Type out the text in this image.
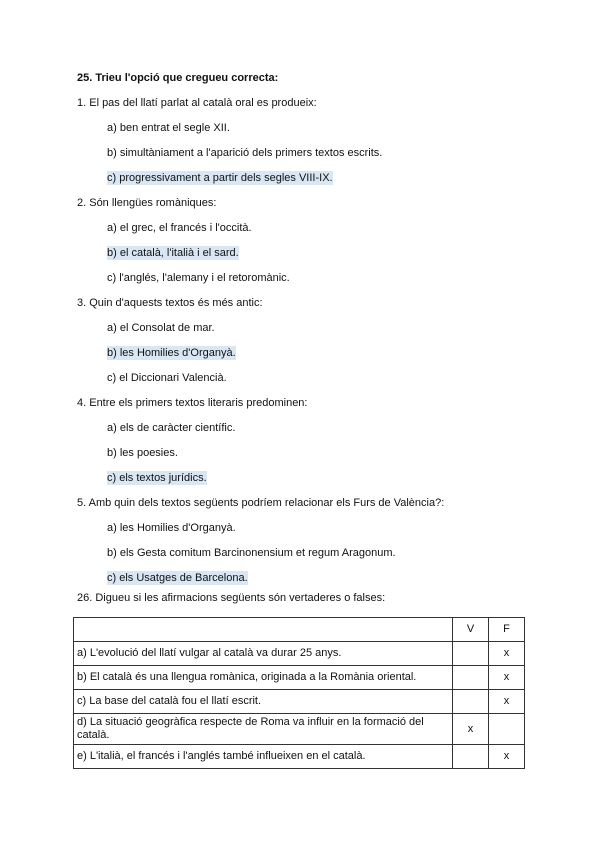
25. Trieu l'opció que cregueu correcta:
1. El pas del llatí parlat al català oral es produeix:
a) ben entrat el segle XII.
b) simultàniament a l'aparició dels primers textos escrits.
c) progressivament a partir dels segles VIII-IX.
2. Són llengües romàniques:
a) el grec, el francés i l'occità.
b) el català, l'italià i el sard.
c) l'anglés, l'alemany i el retoromànic.
3. Quin d'aquests textos és més antic:
a) el Consolat de mar.
b) les Homilies d'Organyà.
c) el Diccionari Valencià.
4. Entre els primers textos literaris predominen:
a) els de caràcter científic.
b) les poesies.
c) els textos jurídics.
5. Amb quin dels textos següents podríem relacionar els Furs de València?:
a) les Homilies d'Organyà.
b) els Gesta comitum Barcinonensium et regum Aragonum.
c) els Usatges de Barcelona.
26. Digueu si les afirmacions següents són vertaderes o falses:
	V	F
a) L'evolució del llatí vulgar al català va durar 25 anys.		x
b) El català és una llengua romànica, originada a la Romània oriental.		x
c) La base del català fou el llatí escrit.		x
d) La situació geogràfica respecte de Roma va influir en la formació del català.	x	
e) L'italià, el francés i l'anglés també influeixen en el català.		x
